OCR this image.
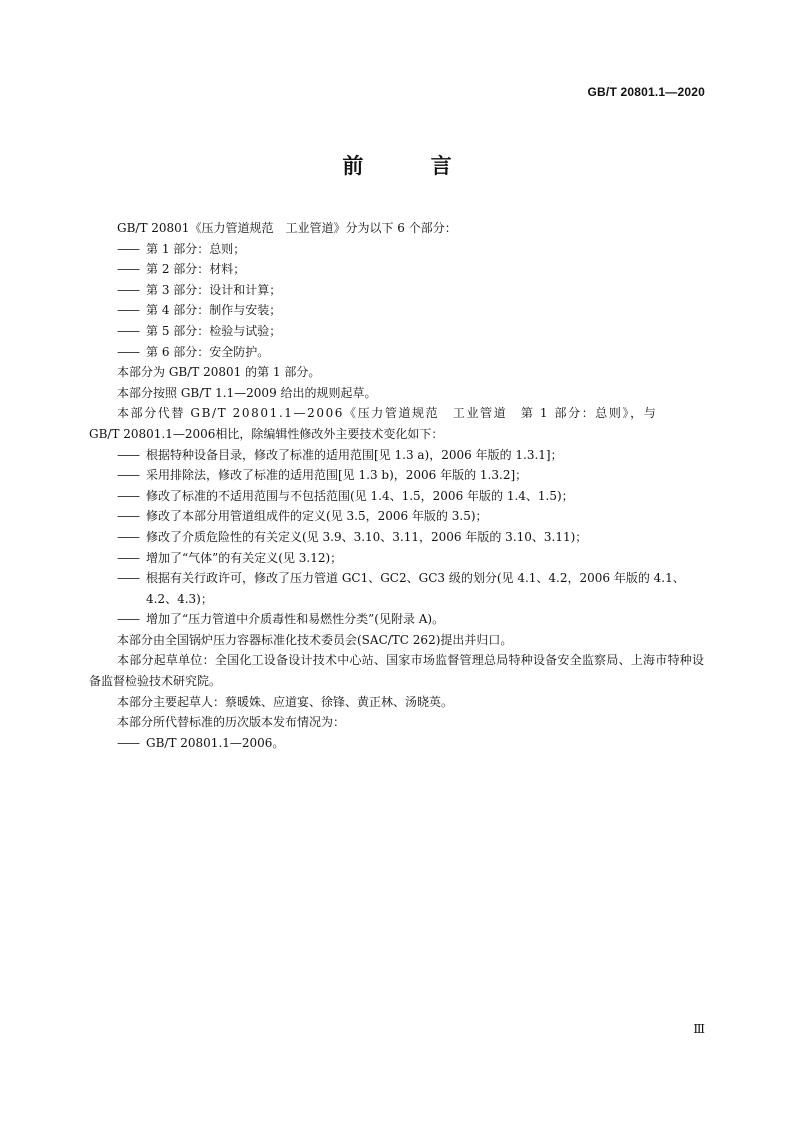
GB/T 20801.1—2020
前 言

GB/T 20801《压力管道规范　工业管道》分为以下 6 个部分：

—— 第 1 部分：总则；

—— 第 2 部分：材料；

—— 第 3 部分：设计和计算；

—— 第 4 部分：制作与安装；

—— 第 5 部分：检验与试验；

—— 第 6 部分：安全防护。

本部分为 GB/T 20801 的第 1 部分。

本部分按照 GB/T 1.1—2009 给出的规则起草。

本部分代替 GB/T 20801.1—2006《压力管道规范　工业管道　第 1 部分：总则》，与

GB/T 20801.1—2006相比，除编辑性修改外主要技术变化如下：

—— 根据特种设备目录，修改了标准的适用范围[见 1.3 a)，2006 年版的 1.3.1]；

—— 采用排除法，修改了标准的适用范围[见 1.3 b)，2006 年版的 1.3.2]；

—— 修改了标准的不适用范围与不包括范围(见 1.4、1.5，2006 年版的 1.4、1.5)；

—— 修改了本部分用管道组成件的定义(见 3.5，2006 年版的 3.5)；

—— 修改了介质危险性的有关定义(见 3.9、3.10、3.11，2006 年版的 3.10、3.11)；

—— 增加了“气体”的有关定义(见 3.12)；

—— 根据有关行政许可，修改了压力管道 GC1、GC2、GC3 级的划分(见 4.1、4.2，2006 年版的 4.1、
4.2、4.3)；

—— 增加了“压力管道中介质毒性和易燃性分类”(见附录 A)。

本部分由全国锅炉压力容器标准化技术委员会(SAC/TC 262)提出并归口。

本部分起草单位：全国化工设备设计技术中心站、国家市场监督管理总局特种设备安全监察局、上海市特种设备监督检验技术研究院。

本部分主要起草人：蔡暖姝、应道宴、徐锋、黄正林、汤晓英。

本部分所代替标准的历次版本发布情况为：

—— GB/T 20801.1—2006。

Ⅲ
